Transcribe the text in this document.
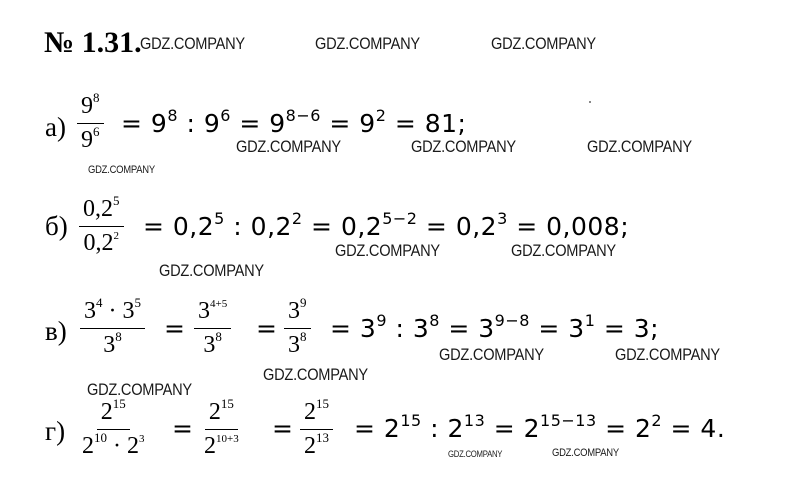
№ 1.31.
GDZ.COMPANY	GDZ.COMPANY	GDZ.COMPANY
GDZ.COMPANY	GDZ.COMPANY	GDZ.COMPANY
GDZ.COMPANY
GDZ.COMPANY
GDZ.COMPANY	GDZ.COMPANY
GDZ.COMPANY	GDZ.COMPANY
GDZ.COMPANY
GDZ.COMPANY
GDZ.COMPANY	GDZ.COMPANY
$а) \frac{9^8}{9^6} = 9^8$ : $9^6 = 9^{8-6} = 9^2 = 81$;
$б) \frac{0,2^5}{0,2^2} = 0,2^5$ : $0,2^2 = 0,2^{5-2} = 0,2^3 = 0,008$;
$в) \frac{3^4 \cdot 3^5}{3^8} = \frac{3^{4+5}}{3^8} = \frac{3^9}{3^8} = 3^9$ : $3^8 = 3^{9-8} = 3^1 = 3$;
$г) \frac{2^{15}}{2^{10} \cdot 2^3} = \frac{2^{15}}{2^{10+3}} = \frac{2^{15}}{2^{13}} = 2^{15}$ : $2^{13} = 2^{15-13} = 2^2 = 4$.
